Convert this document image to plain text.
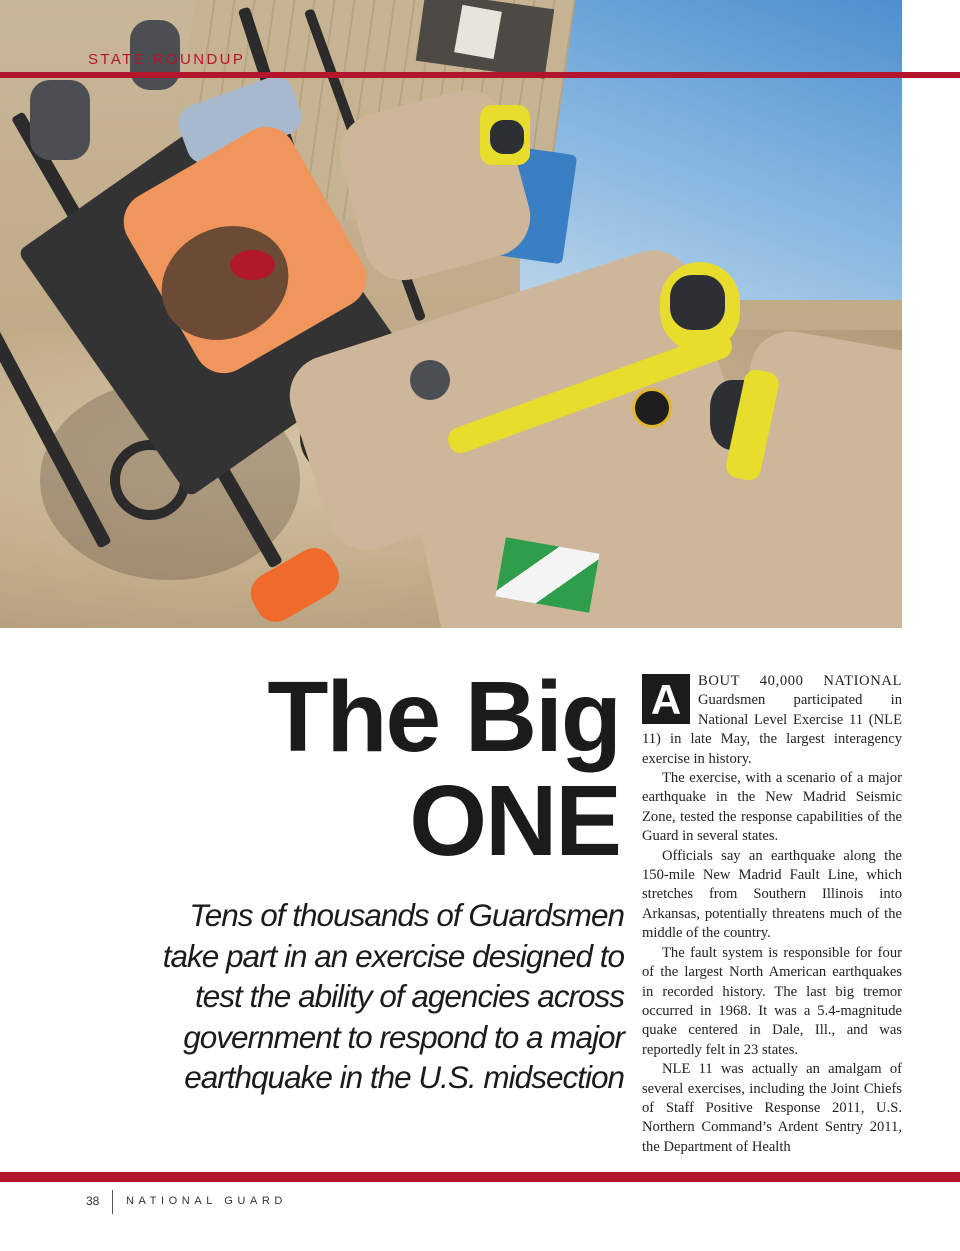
STATE ROUNDUP
The Big
ONE
Tens of thousands of Guardsmen take part in an exercise designed to test the ability of agencies across government to respond to a major earthquake in the U.S. midsection

A	BOUT 40,000 NATIONAL Guardsmen participated in National Level Exercise 11 (NLE 11) in late May, the largest interagency exercise in history.

The exercise, with a scenario of a major earthquake in the New Madrid Seismic Zone, tested the response capabilities of the Guard in several states.

Officials say an earthquake along the 150-mile New Madrid Fault Line, which stretches from Southern Illinois into Arkansas, potentially threatens much of the middle of the country.

The fault system is responsible for four of the largest North American earthquakes in recorded history. The last big tremor occurred in 1968. It was a 5.4-magnitude quake centered in Dale, Ill., and was reportedly felt in 23 states.

NLE 11 was actually an amalgam of several exercises, including the Joint Chiefs of Staff Positive Response 2011, U.S. Northern Command’s Ardent Sentry 2011, the Department of Health

38 NATIONAL GUARD
